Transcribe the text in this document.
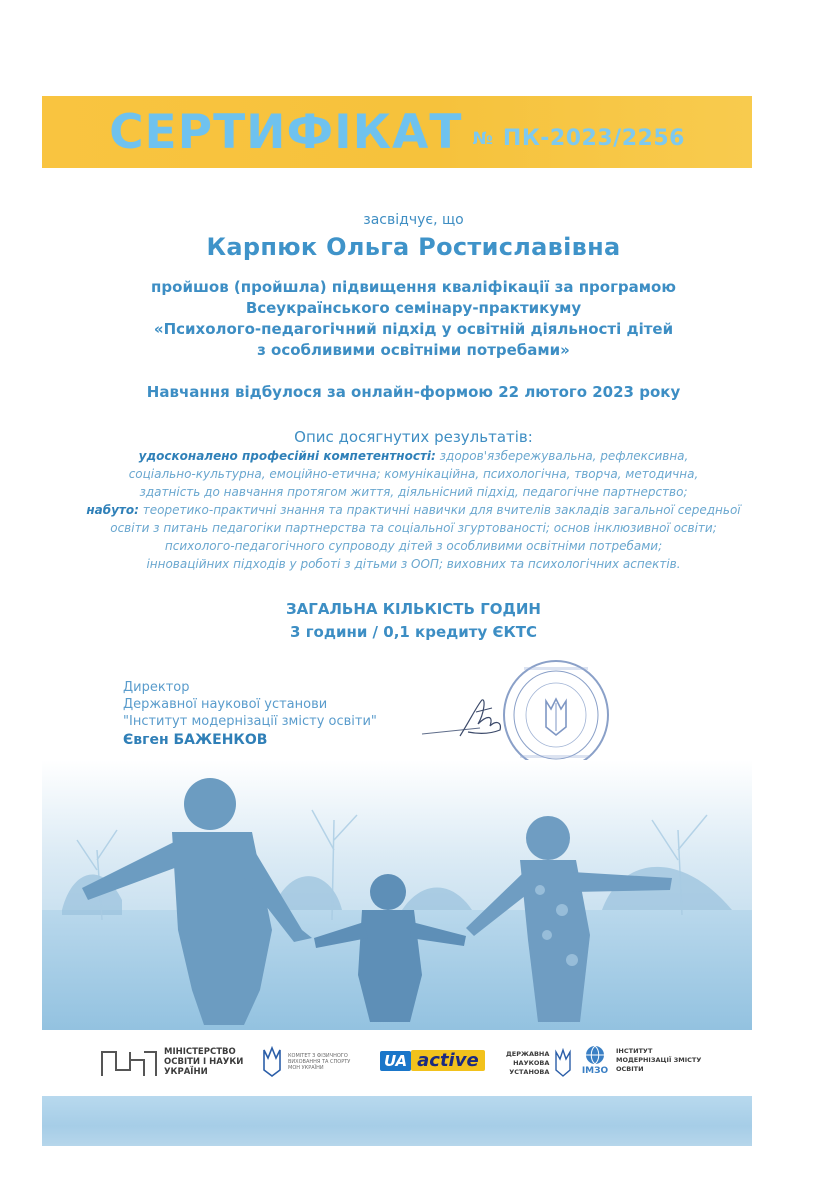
СЕРТИФІКАТ № ПК-2023/2256
засвідчує, що
Карпюк Ольга Ростиславівна
пройшов (пройшла) підвищення кваліфікації за програмою
Всеукраїнського семінару-практикуму
«Психолого-педагогічний підхід у освітній діяльності дітей
з особливими освітніми потребами»
Навчання відбулося за онлайн-формою 22 лютого 2023 року
Опис досягнутих результатів:
удосконалено професійні компетентності: здоров'язбережувальна, рефлексивна,
соціально-культурна, емоційно-етична; комунікаційна, психологічна, творча, методична,
здатність до навчання протягом життя, діяльнісний підхід, педагогічне партнерство;
набуто: теоретико-практичні знання та практичні навички для вчителів закладів загальної середньої
освіти з питань педагогіки партнерства та соціальної згуртованості; основ інклюзивної освіти;
психолого-педагогічного супроводу дітей з особливими освітніми потребами;
інноваційних підходів у роботі з дітьми з ООП; виховних та психологічних аспектів.
ЗАГАЛЬНА КІЛЬКІСТЬ ГОДИН
3 години / 0,1 кредиту ЄКТС
Директор
Державної наукової установи
"Інститут модернізації змісту освіти"
Євген БАЖЕНКОВ
МІНІСТЕРСТВО
ОСВІТИ І НАУКИ
УКРАЇНИ
КОМІТЕТ З ФІЗИЧНОГО
ВИХОВАННЯ ТА СПОРТУ
МОН УКРАЇНИ	UA active	ДЕРЖАВНА
НАУКОВА
УСТАНОВА	ІМЗО
ІНСТИТУТ
МОДЕРНІЗАЦІЇ ЗМІСТУ
ОСВІТИ
